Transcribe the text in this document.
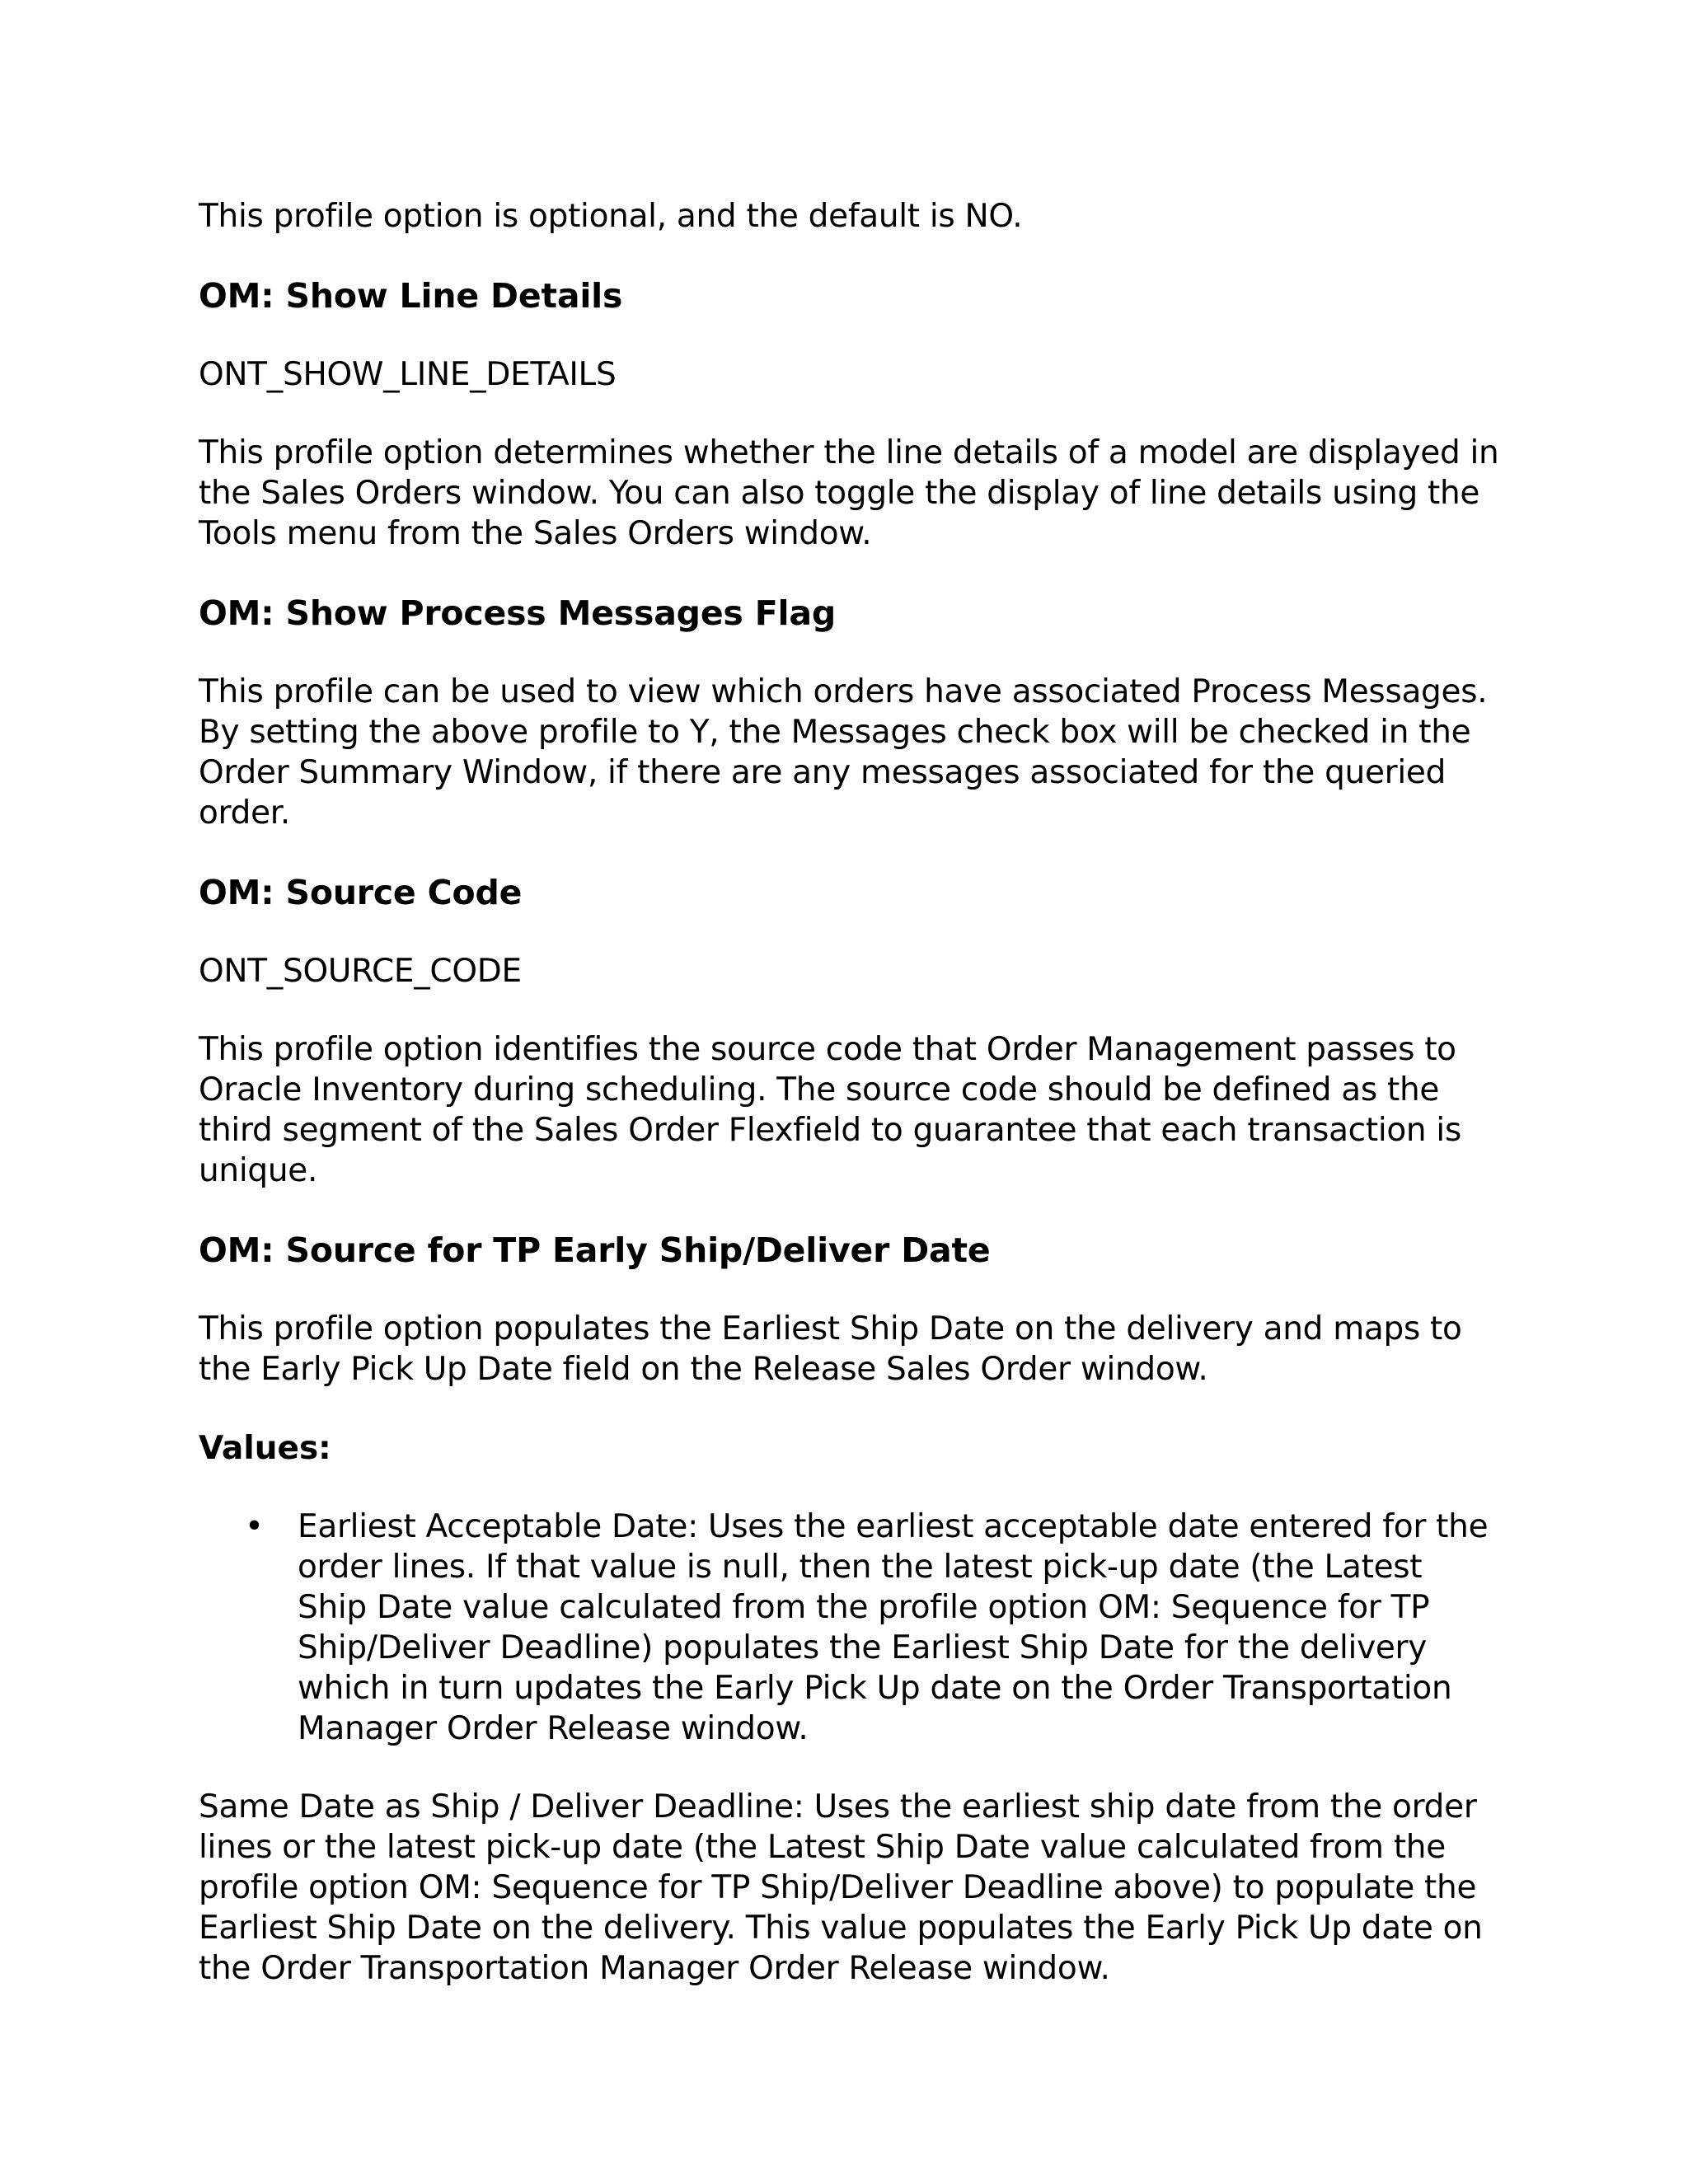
This profile option is optional, and the default is NO.

OM: Show Line Details

ONT_SHOW_LINE_DETAILS

This profile option determines whether the line details of a model are displayed in the Sales Orders window. You can also toggle the display of line details using the Tools menu from the Sales Orders window.

OM: Show Process Messages Flag

This profile can be used to view which orders have associated Process Messages. By setting the above profile to Y, the Messages check box will be checked in the Order Summary Window, if there are any messages associated for the queried order.

OM: Source Code

ONT_SOURCE_CODE

This profile option identifies the source code that Order Management passes to Oracle Inventory during scheduling. The source code should be defined as the third segment of the Sales Order Flexfield to guarantee that each transaction is unique.

OM: Source for TP Early Ship/Deliver Date

This profile option populates the Earliest Ship Date on the delivery and maps to the Early Pick Up Date field on the Release Sales Order window.

Values:

• Earliest Acceptable Date: Uses the earliest acceptable date entered for the order lines. If that value is null, then the latest pick-up date (the Latest Ship Date value calculated from the profile option OM: Sequence for TP Ship/Deliver Deadline) populates the Earliest Ship Date for the delivery which in turn updates the Early Pick Up date on the Order Transportation Manager Order Release window.

Same Date as Ship / Deliver Deadline: Uses the earliest ship date from the order lines or the latest pick-up date (the Latest Ship Date value calculated from the profile option OM: Sequence for TP Ship/Deliver Deadline above) to populate the Earliest Ship Date on the delivery. This value populates the Early Pick Up date on the Order Transportation Manager Order Release window.
